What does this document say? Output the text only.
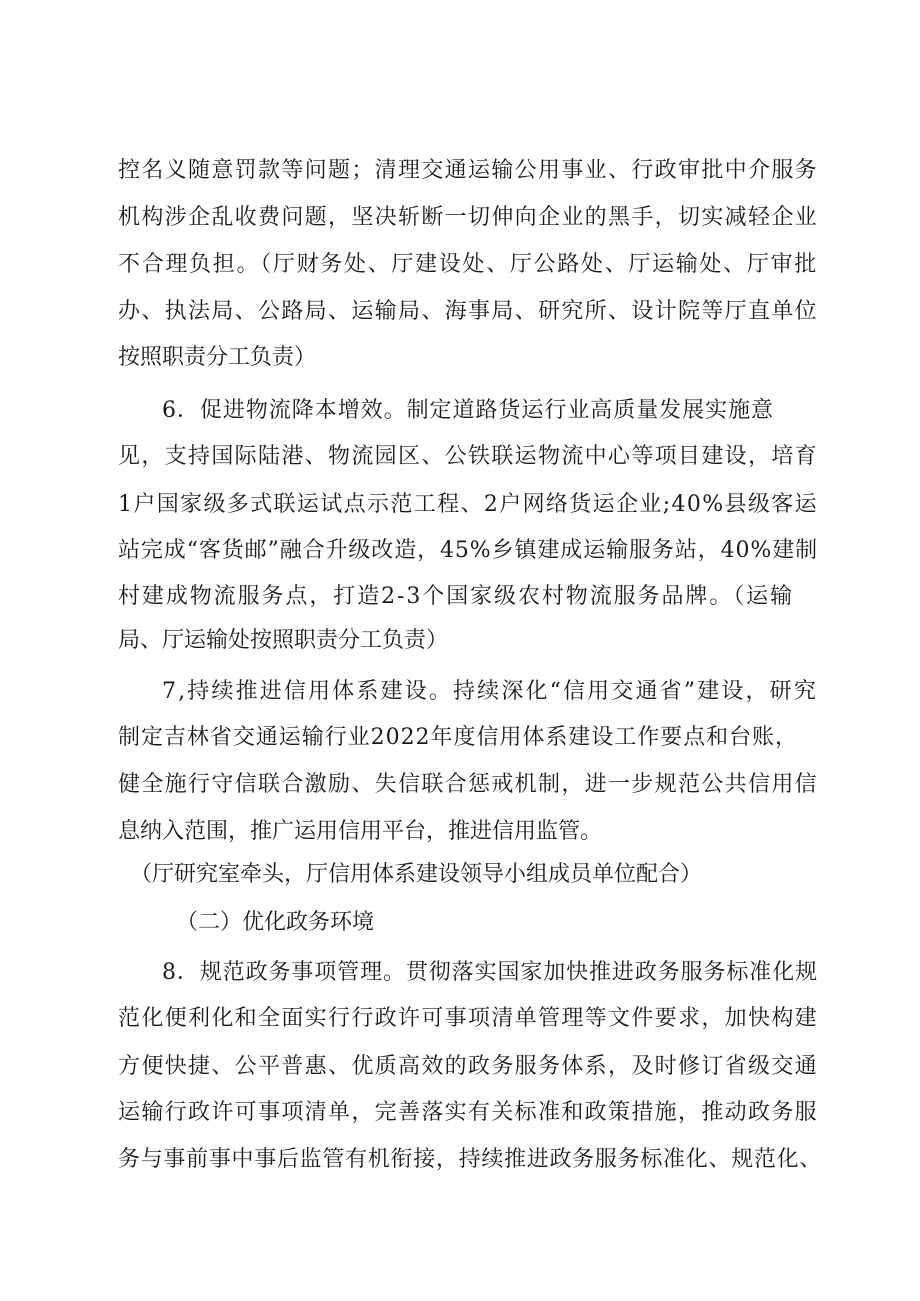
控名义随意罚款等问题；清理交通运输公用事业、行政审批中介服务
机构涉企乱收费问题，坚决斩断一切伸向企业的黑手，切实减轻企业
不合理负担。（厅财务处、厅建设处、厅公路处、厅运输处、厅审批
办、执法局、公路局、运输局、海事局、研究所、设计院等厅直单位
按照职责分工负责）
6．促进物流降本增效。制定道路货运行业高质量发展实施意
见，支持国际陆港、物流园区、公铁联运物流中心等项目建设，培育
1户国家级多式联运试点示范工程、2户网络货运企业;40%县级客运
站完成“客货邮”融合升级改造，45%乡镇建成运输服务站，40%建制
村建成物流服务点，打造2-3个国家级农村物流服务品牌。（运输
局、厅运输处按照职责分工负责）
7,持续推进信用体系建设。持续深化“信用交通省”建设，研究
制定吉林省交通运输行业2022年度信用体系建设工作要点和台账，
健全施行守信联合激励、失信联合惩戒机制，进一步规范公共信用信
息纳入范围，推广运用信用平台，推进信用监管。
（厅研究室牵头，厅信用体系建设领导小组成员单位配合）
（二）优化政务环境
8．规范政务事项管理。贯彻落实国家加快推进政务服务标准化规
范化便利化和全面实行行政许可事项清单管理等文件要求，加快构建
方便快捷、公平普惠、优质高效的政务服务体系，及时修订省级交通
运输行政许可事项清单，完善落实有关标准和政策措施，推动政务服
务与事前事中事后监管有机衔接，持续推进政务服务标准化、规范化、
